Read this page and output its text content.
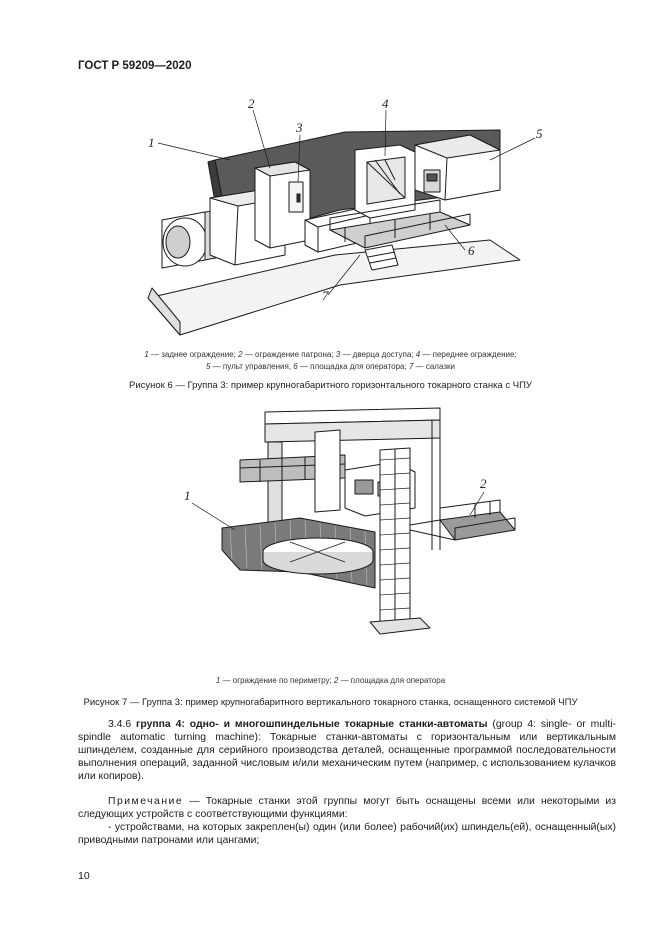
ГОСТ Р 59209—2020
1
2
3
4
5
6
7
1 — заднее ограждение; 2 — ограждение патрона; 3 — дверца доступа; 4 — переднее ограждение;
5 — пульт управления, 6 — площадка для оператора; 7 — салазки
Рисунок 6 — Группа 3: пример крупногабаритного горизонтального токарного станка с ЧПУ
1
2
1 — ограждение по периметру; 2 — площадка для оператора
Рисунок 7 — Группа 3: пример крупногабаритного вертикального токарного станка, оснащенного системой ЧПУ

3.4.6 группа 4: одно- и многошпиндельные токарные станки-автоматы (group 4: single- or multi-spindle automatic turning machine): Токарные станки-автоматы с горизонтальным или вертикальным шпинделем, созданные для серийного производства деталей, оснащенные программой последовательности выполнения операций, заданной числовым и/или механическим путем (например, с использованием кулачков или копиров).

Примечание — Токарные станки этой группы могут быть оснащены всеми или некоторыми из следующих устройств с соответствующими функциями:

- устройствами, на которых закреплен(ы) один (или более) рабочий(их) шпиндель(ей), оснащенный(ых) приводными патронами или цангами;

10
